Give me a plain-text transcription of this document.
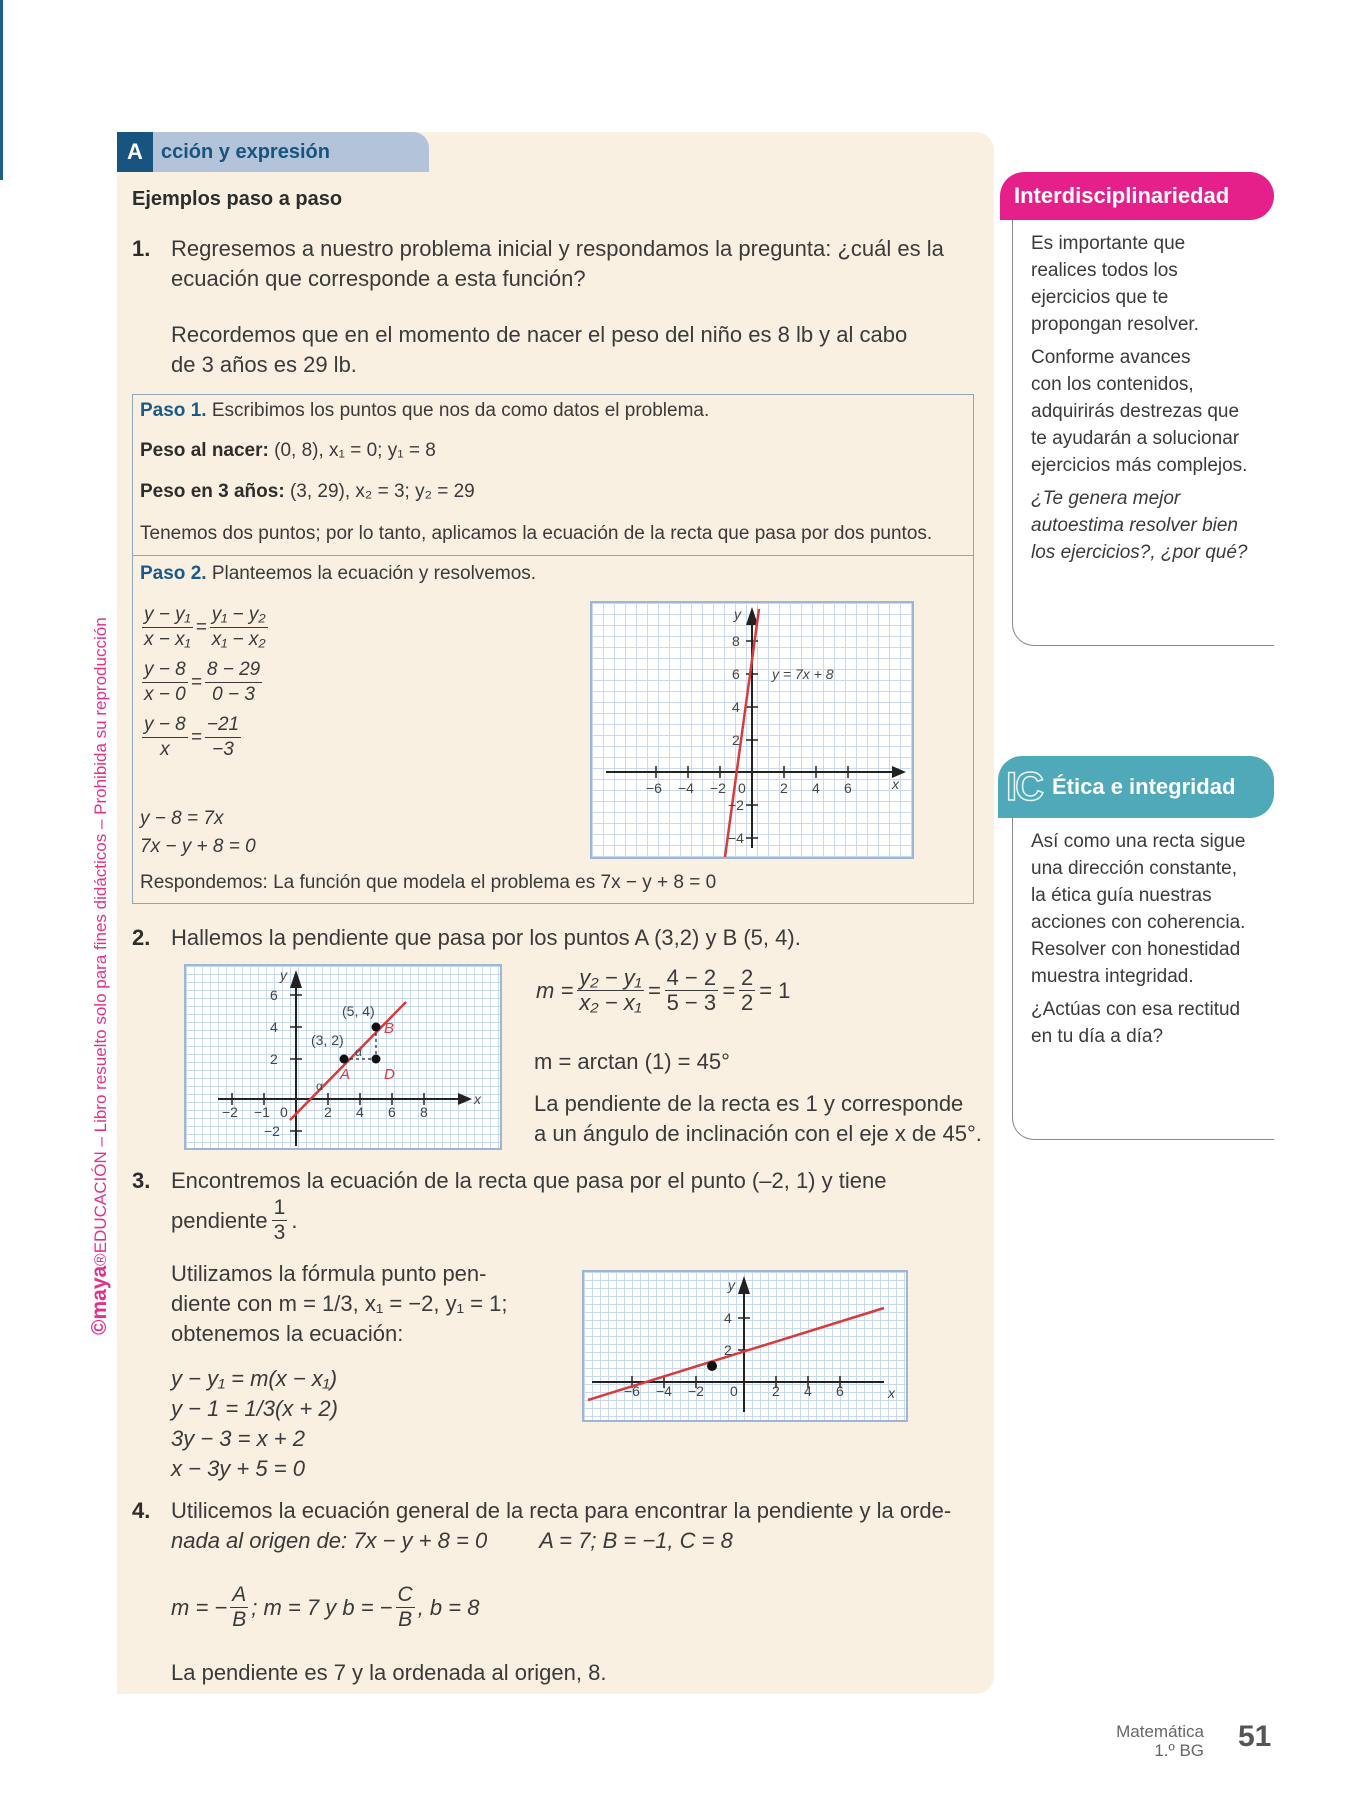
©maya®EDUCACIÓN – Libro resuelto solo para fines didácticos – Prohibida su reproducción
A cción y expresión
Ejemplos paso a paso
1. Regresemos a nuestro problema inicial y respondamos la pregunta: ¿cuál es la
ecuación que corresponde a esta función?
Recordemos que en el momento de nacer el peso del niño es 8 lb y al cabo
de 3 años es 29 lb.
Paso 1. Escribimos los puntos que nos da como datos el problema.
Peso al nacer: (0, 8), x₁ = 0; y₁ = 8
Peso en 3 años: (3, 29), x₂ = 3; y₂ = 29
Tenemos dos puntos; por lo tanto, aplicamos la ecuación de la recta que pasa por dos puntos.
Paso 2. Planteemos la ecuación y resolvemos.
$\frac{\text{y − y₁}}{\text{x − x₁}} = \frac{\text{y₁ − y₂}}{\text{x₁ − x₂}}$
$\frac{y - 8}{x - 0} = \frac{8 - 29}{0 - 3}$
$\frac{y - 8}{x} = \frac{-21}{-3}$
y − 8 = 7x
7x − y + 8 = 0
Respondemos: La función que modela el problema es 7x − y + 8 = 0
−6 −4 −2 0 2 4 6
8
6
4
2
−2
−4
y
x
y = 7x + 8
2. Hallemos la pendiente que pasa por los puntos A (3,2) y B (5, 4).
−2 −1 0	2 4 6 8
6
4
2
−2
y
x
(3, 2)
(5, 4)
α
α
A
B
D
$m = \frac{\text{y₂ − y₁}}{\text{x₂ − x₁}} = \frac{4 - 2}{5 - 3} = \frac{2}{2} = 1$
m = arctan (1) = 45°
La pendiente de la recta es 1 y corresponde
a un ángulo de inclinación con el eje x de 45°.
3. Encontremos la ecuación de la recta que pasa por el punto (–2, 1) y tiene
pendiente $\frac{1}{3}$ .
Utilizamos la fórmula punto pen-
diente con m = 1/3, x₁ = −2, y₁ = 1;
obtenemos la ecuación:
y − y₁ = m(x − x₁)
y − 1 = 1/3(x + 2)
3y − 3 = x + 2
x − 3y + 5 = 0
−6 −4 −2 0 2 4 6
4
2
y
x
4. Utilicemos la ecuación general de la recta para encontrar la pendiente y la orde-
nada al origen de: 7x − y + 8 = 0 A = 7; B = −1, C = 8
m = − $\frac{A}{B}$ ; m = 7 y b = − $\frac{C}{B}$ , b = 8
La pendiente es 7 y la ordenada al origen, 8.
Interdisciplinariedad
Es importante que
realices todos los
ejercicios que te
propongan resolver.
Conforme avances
con los contenidos,
adquirirás destrezas que
te ayudarán a solucionar
ejercicios más complejos.
¿Te genera mejor
autoestima resolver bien
los ejercicios?, ¿por qué?
IC Ética e integridad
Así como una recta sigue
una dirección constante,
la ética guía nuestras
acciones con coherencia.
Resolver con honestidad
muestra integridad.
¿Actúas con esa rectitud
en tu día a día?
Matemática
1.º BG 51
